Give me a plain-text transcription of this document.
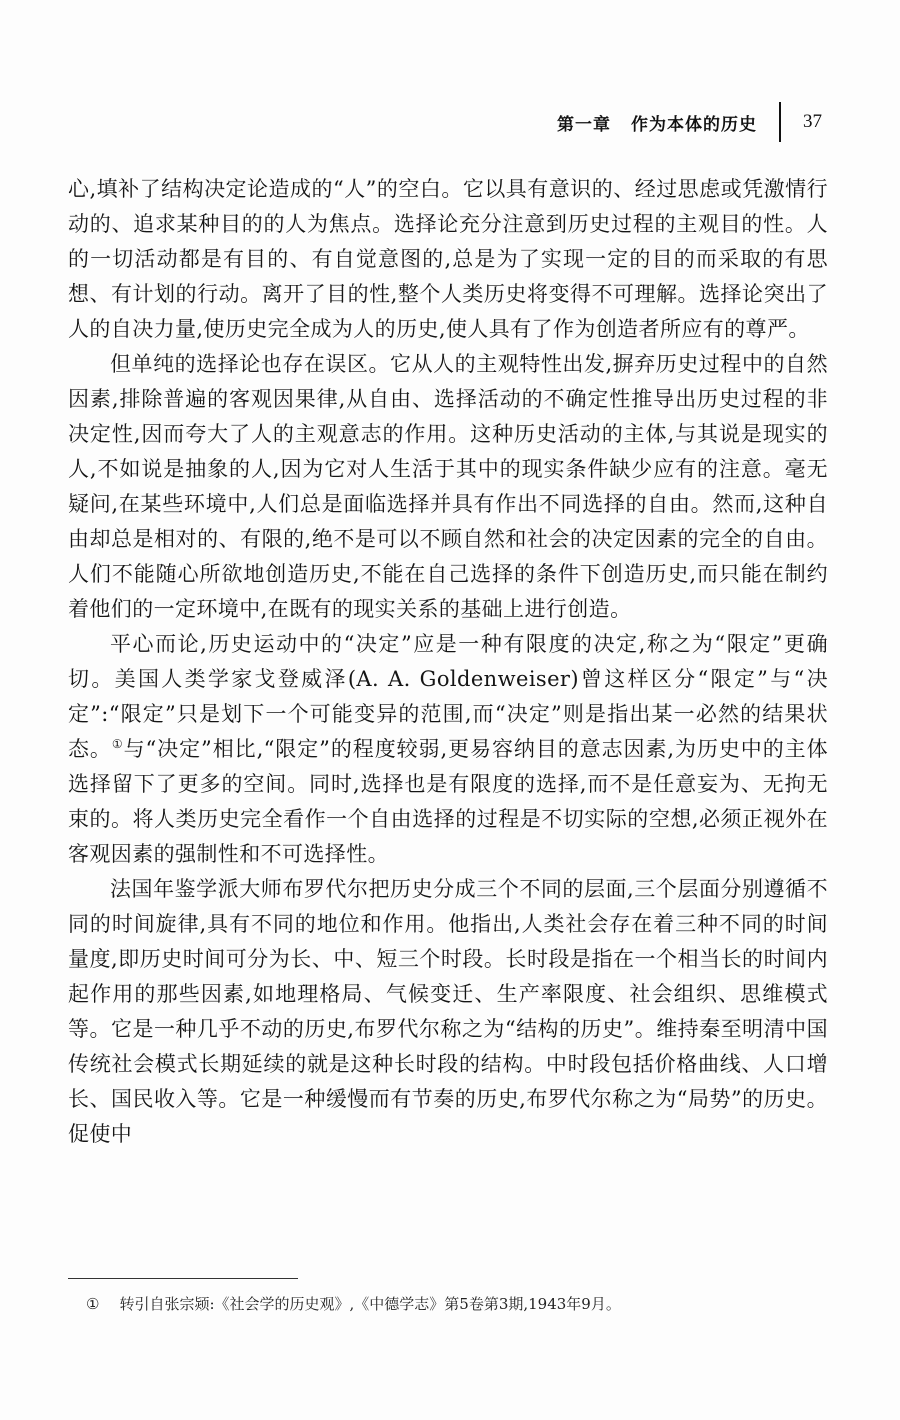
第一章 作为本体的历史 37

心,填补了结构决定论造成的“人”的空白。它以具有意识的、经过思虑或凭激情行动的、追求某种目的的人为焦点。选择论充分注意到历史过程的主观目的性。人的一切活动都是有目的、有自觉意图的,总是为了实现一定的目的而采取的有思想、有计划的行动。离开了目的性,整个人类历史将变得不可理解。选择论突出了人的自决力量,使历史完全成为人的历史,使人具有了作为创造者所应有的尊严。

但单纯的选择论也存在误区。它从人的主观特性出发,摒弃历史过程中的自然因素,排除普遍的客观因果律,从自由、选择活动的不确定性推导出历史过程的非决定性,因而夸大了人的主观意志的作用。这种历史活动的主体,与其说是现实的人,不如说是抽象的人,因为它对人生活于其中的现实条件缺少应有的注意。毫无疑问,在某些环境中,人们总是面临选择并具有作出不同选择的自由。然而,这种自由却总是相对的、有限的,绝不是可以不顾自然和社会的决定因素的完全的自由。人们不能随心所欲地创造历史,不能在自己选择的条件下创造历史,而只能在制约着他们的一定环境中,在既有的现实关系的基础上进行创造。

平心而论,历史运动中的“决定”应是一种有限度的决定,称之为“限定”更确切。美国人类学家戈登威泽(A. A. Goldenweiser)曾这样区分“限定”与“决定”:“限定”只是划下一个可能变异的范围,而“决定”则是指出某一必然的结果状态。①与“决定”相比,“限定”的程度较弱,更易容纳目的意志因素,为历史中的主体选择留下了更多的空间。同时,选择也是有限度的选择,而不是任意妄为、无拘无束的。将人类历史完全看作一个自由选择的过程是不切实际的空想,必须正视外在客观因素的强制性和不可选择性。

法国年鉴学派大师布罗代尔把历史分成三个不同的层面,三个层面分别遵循不同的时间旋律,具有不同的地位和作用。他指出,人类社会存在着三种不同的时间量度,即历史时间可分为长、中、短三个时段。长时段是指在一个相当长的时间内起作用的那些因素,如地理格局、气候变迁、生产率限度、社会组织、思维模式等。它是一种几乎不动的历史,布罗代尔称之为“结构的历史”。维持秦至明清中国传统社会模式长期延续的就是这种长时段的结构。中时段包括价格曲线、人口增长、国民收入等。它是一种缓慢而有节奏的历史,布罗代尔称之为“局势”的历史。促使中

① 转引自张宗颎:《社会学的历史观》,《中德学志》第5卷第3期,1943年9月。
